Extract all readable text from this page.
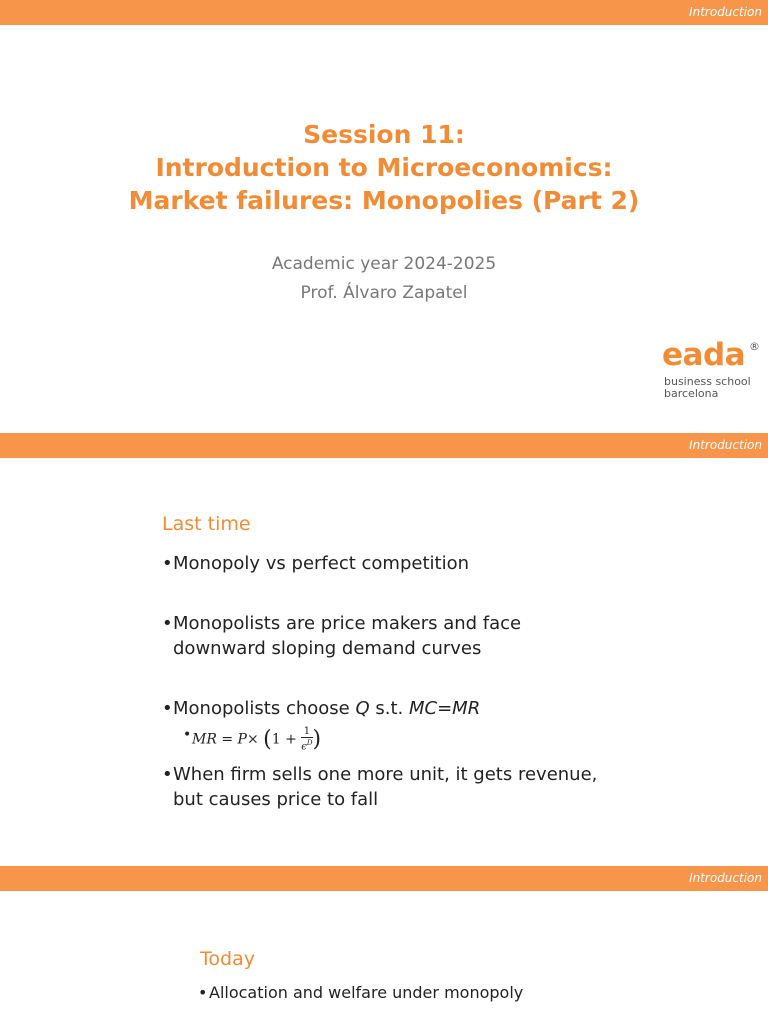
Introduction
Session 11:
Introduction to Microeconomics:
Market failures: Monopolies (Part 2)
Academic year 2024-2025
Prof. Álvaro Zapatel
eada ®
business school
barcelona
Introduction
Last time
• Monopoly vs perfect competition
• Monopolists are price makers and face
downward sloping demand curves
• Monopolists choose Q s.t. MC=MR
• MR = $P\times (1 + \frac{1}{\epsilon^D}$ )
• When firm sells one more unit, it gets revenue,
but causes price to fall
Introduction
Today
• Allocation and welfare under monopoly
